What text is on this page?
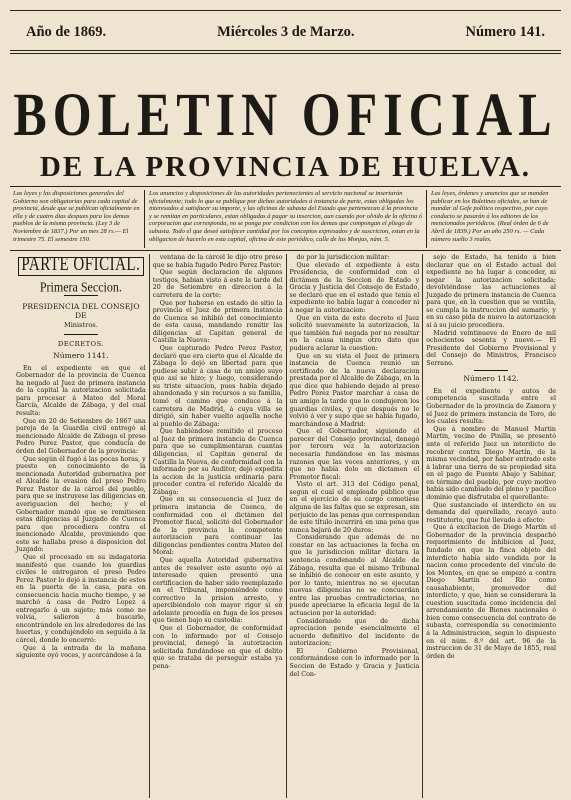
Año de 1869.	Miércoles 3 de Marzo.	Número 141.
BOLETIN OFICIAL
DE LA PROVINCIA DE HUELVA.
Las leyes y las disposiciones generales del Gobierno son obligatorias para cada capital de provincia, desde que se publican oficialmente en ella y de cuatro dias despues para los demas pueblos de la misma provincia. (Ley 3 de Noviembre de 1837.) Por un mes 28 rs.— El trimestre 75. El semestre 150.
Los anuncios y disposiciones de las autoridades pertenecientes al servicio nacional se insertarán oficialmente; todo lo que se publique por dichas autoridades á instancia de parte, estas obligadas los interesados á satisfacer su importe, y las oficinas de subasta del Estado que pertenezcan á la provincia y se remitan en particulares, estan obligadas á pagar su insercion, aun cuando por olvido de la oficina ó corporacion que corresponda, no se ponga por condicion con los demas que compongan el pliego de subasta. Todo el que deseé satisfacer cantidad por los conceptos expresados y de suscricion, estan en la obligacion de hacerlo en esta capital, oficina de este periódico, calle de las Monjas, núm. 5.
Las leyes, órdenes y anuncios que se manden publicar en los Boletines oficiales, se han de mandar al Gefe político respectivo, por cuyo conducto se pasarán á los editores de los mencionados periódicos. (Real órden de 6 de Abril de 1839.) Por un año 250 rs. — Cada número suelto 3 reales.
PARTE OFICIAL.
Primera Seccion.
PRESIDENCIA DEL CONSEJO DE
Ministros.
DECRETOS.
Número 1141.

En el expediente en que el Gobernador de la provincia de Cuenca ha negado al Juez de primera instancia de la capital la autorizacion solicitada para procesar á Mateo del Moral García, Alcalde de Zábaga, y del cual resulta:

Que en 20 de Setiembre de 1867 una pareja de la Guardia civil entregó al mencionado Alcalde de Zábaga el preso Pedro Perez Pastor, que conducía de órden del Gobernador de la provincia:

Que según él fugó á las pocas horas, y puesto en conocimiento de la mencionada Autoridad gubernativa por el Alcalde la evasion del preso Pedro Perez Pastor de la cárcel del pueblo, para que se instruyese las diligencias en averiguacion del hecho; y el Gobernador mandó que se remitiesen estas diligencias al Juzgado de Cuenca para que procediera contra el mencionado Alcalde, previniendo que este se hallaba preso á disposicion del Juzgado:

Que el procesado en su indagatoria manifestó que cuando los guardias civiles le entregaron el preso Pedro Perez Pastor lo dejó á instancia de estos en la puerta de la casa, para en consecuencia hacia mucho tiempo, y se marchó á casa de Pedro Lopez á entregarlo á un sujeto; más como no volvía, salieron á buscarle, encontrándole en los alrededores de las huertas, y condujéndolo en seguida á la cárcel, donde lo encerró:

Que á la entrada de la mañana siguiente oyó voces, y acercándose á la

ventana de la cárcel le dijo otro preso que se había fugado Pedro Perez Pastor:

Que según declaracion de algunos testigos, habian visto á este la tarde del 20 de Setiembre en direccion á la carretera de la corte:

Que por haberse en estado de sitio la provincia el Juez de primera instancia de Cuenca se inhibió del conocimiento de esta causa, mandando remitir las diligencias al Capitan general de Castilla la Nueva:

Que capturado Pedro Perez Pastor, declaró que era cierto que el Alcalde de Zábaga lo dejó en libertad para que pudiese subir á casa de un amigo suyo que así se hizo; y luego, considerando su triste situacion, pues había dejado abandonada y sin recursos a su familia, tomó el camino que conduce á la carretera de Madrid, á cuya villa se dirigió, sin haber vuelto aquella noche al pueblo de Zábaga:

Que habiéndose remitido el proceso al Juez de primera instancia de Cuenca para que se cumplimentaran cuantas diligencias, el Capitan general de Castilla la Nueva, de conformidad con la informado por su Auditor, dejó expedita la accion de la justicia ordinaria para proceder contra el referido Alcalde de Zábaga:

Que en su consecuencia el Juez de primera instancia de Cuenca, de conformidad con el dictámen del Promotor fiscal, solicitó del Gobernador de la provincia la competente autorizacion para continuar las diligencias pendientes contra Mateo del Moral:

Que aquella Autoridad gubernativa antes de resolver este asunto oyó al interesado quien presentó una certificacion de haber sido reemplazado en el Tribunal, imponiéndole como correctivo la prision arresto, y apercibiéndolo con mayor rigor si en adelante procedía en fuga de los presos que tienen bajo su custodia:

Que el Gobernador, de conformidad con lo informado por el Consejo provincial, denegó la autorizacion solicitada fundándose en que el delito que se trataba de perseguir estaba ya pena-

do por la jurisdiccion militar:

Que elevado el expediente á esta Presidencia, de conformidad con el dictámen de la Seccion de Estado y Gracia y Justicia del Consejo de Estado, se declaró que en el estado que tenía el expediente no había lugar á conceder ni á negar la autorizacion:

Que en vista de este decreto el Juez solicitó nuevamente la autorizacion, la que también fué negada por no resultar en la causa ningun otro dato que pudiera aclarar la cuestion:

Que en su vista el Juez de primera instancia de Cuenca reunió un certificado de la nueva declaracion prestada por el Alcalde de Zábaga, en la que dice que habiendo dejado al preso Pedro Perez Pastor marchar á casa de un amigo la tarde que lo condujeron los guardias civiles, y que después no le volvió á ver y supo que se había fugado, marchándose á Madrid:

Que el Gobernador, siguiendo el parecer del Consejo provincial, denegó por tercera vez la autorizacion necesaria fundándose en las mismas razones que las veces anteriores, y en que no había dolo en dictamen el Promotor fiscal:

Visto el art. 313 del Código penal, segun el cual el empleado público que en el ejercicio de su cargo cometiese alguna de las faltas que se expresan, sin perjuicio de las penas que correspondan de este título incurrirá en una pena que nunca bajará de 20 duros:

Considerando que además de no constar en las actuaciones la fecha en que la jurisdiccion militar dictara la sentencia condenando al Alcalde de Zábaga, resulta que el mismo Tribunal se inhibió de conocer en este asunto, y por lo tanto, mientras no se ejecutan nuevas diligencias no se concuerdan entre las pruebas contradictorias, no puede apreciarse la eficacia legal de la actuacion por la autoridad:

Considerando que de dicha apreciacion pende esencialmente el acuerdo definitivo del incidente de autorizacion;

El Gobierno Provisional, conformándose con lo informado por la Seccion de Estado y Gracia y Justicia del Con-

sejo de Estado, ha tenido á bien declarar que en el Estado actual del expediente no há lugar á conceder, ni negar la autorizacion solicitada; devolviéndose las actuaciones al Juzgado de primera instancia de Cuenca para que, en la cuestion que se ventila, se cumpla la instruccion del sumario, y en su caso pida de nuevo la autorizacion si á su juicio procediera.

Madrid veintinueve de Enero de mil ochocientos sesenta y nueve.— El Presidente del Gobierno Provisional y del Consejo de Ministros, Francisco Serrano.

Número 1142.

En el expediente y autos de competencia suscitada entre el Gobernador de la provincia de Zamora y el Juez de primera instancia de Toro, de los cuales resulta:

Que á nombre de Manuel Martin Martin, vecino de Pinilla, se presentó ante el referido Juez un interdicto de recobrar contra Diego Martín, de la misma vecindad, por haber entrado este á labrar una tierra de su propiedad sita en el pago de Fuente Abajo y Sabinar, en término del pueblo, por cuyo motivo había sido cambiado del pleno y pacífico dominio que disfrutaba el querellante:

Que sustanciado el interdicto en su demanda del querellado, recayó auto restitutorio, que fué llevado á efecto:

Que á excitacion de Diego Martín el Gobernador de la provincia despachó requerimiento de inhibicion al Juez, fundado en que la finca objeto del interdicto había sido vendida por la nacion como procedente del vinculo de los Montes, en que se empezó a contra Diego Martín del Río como causahabiente, promovedor del interdicto, y que, bien se considerara la cuestion suscitada como incidencia del arrendamiento de Bienes nacionales ó bien como consecuencia del contrato de subasta, correspondía su conocimiento á la Administracion, segun lo dispuesto en el núm. 8.º del art. 96 de la instruccion de 31 de Mayo de 1855, real órden de
